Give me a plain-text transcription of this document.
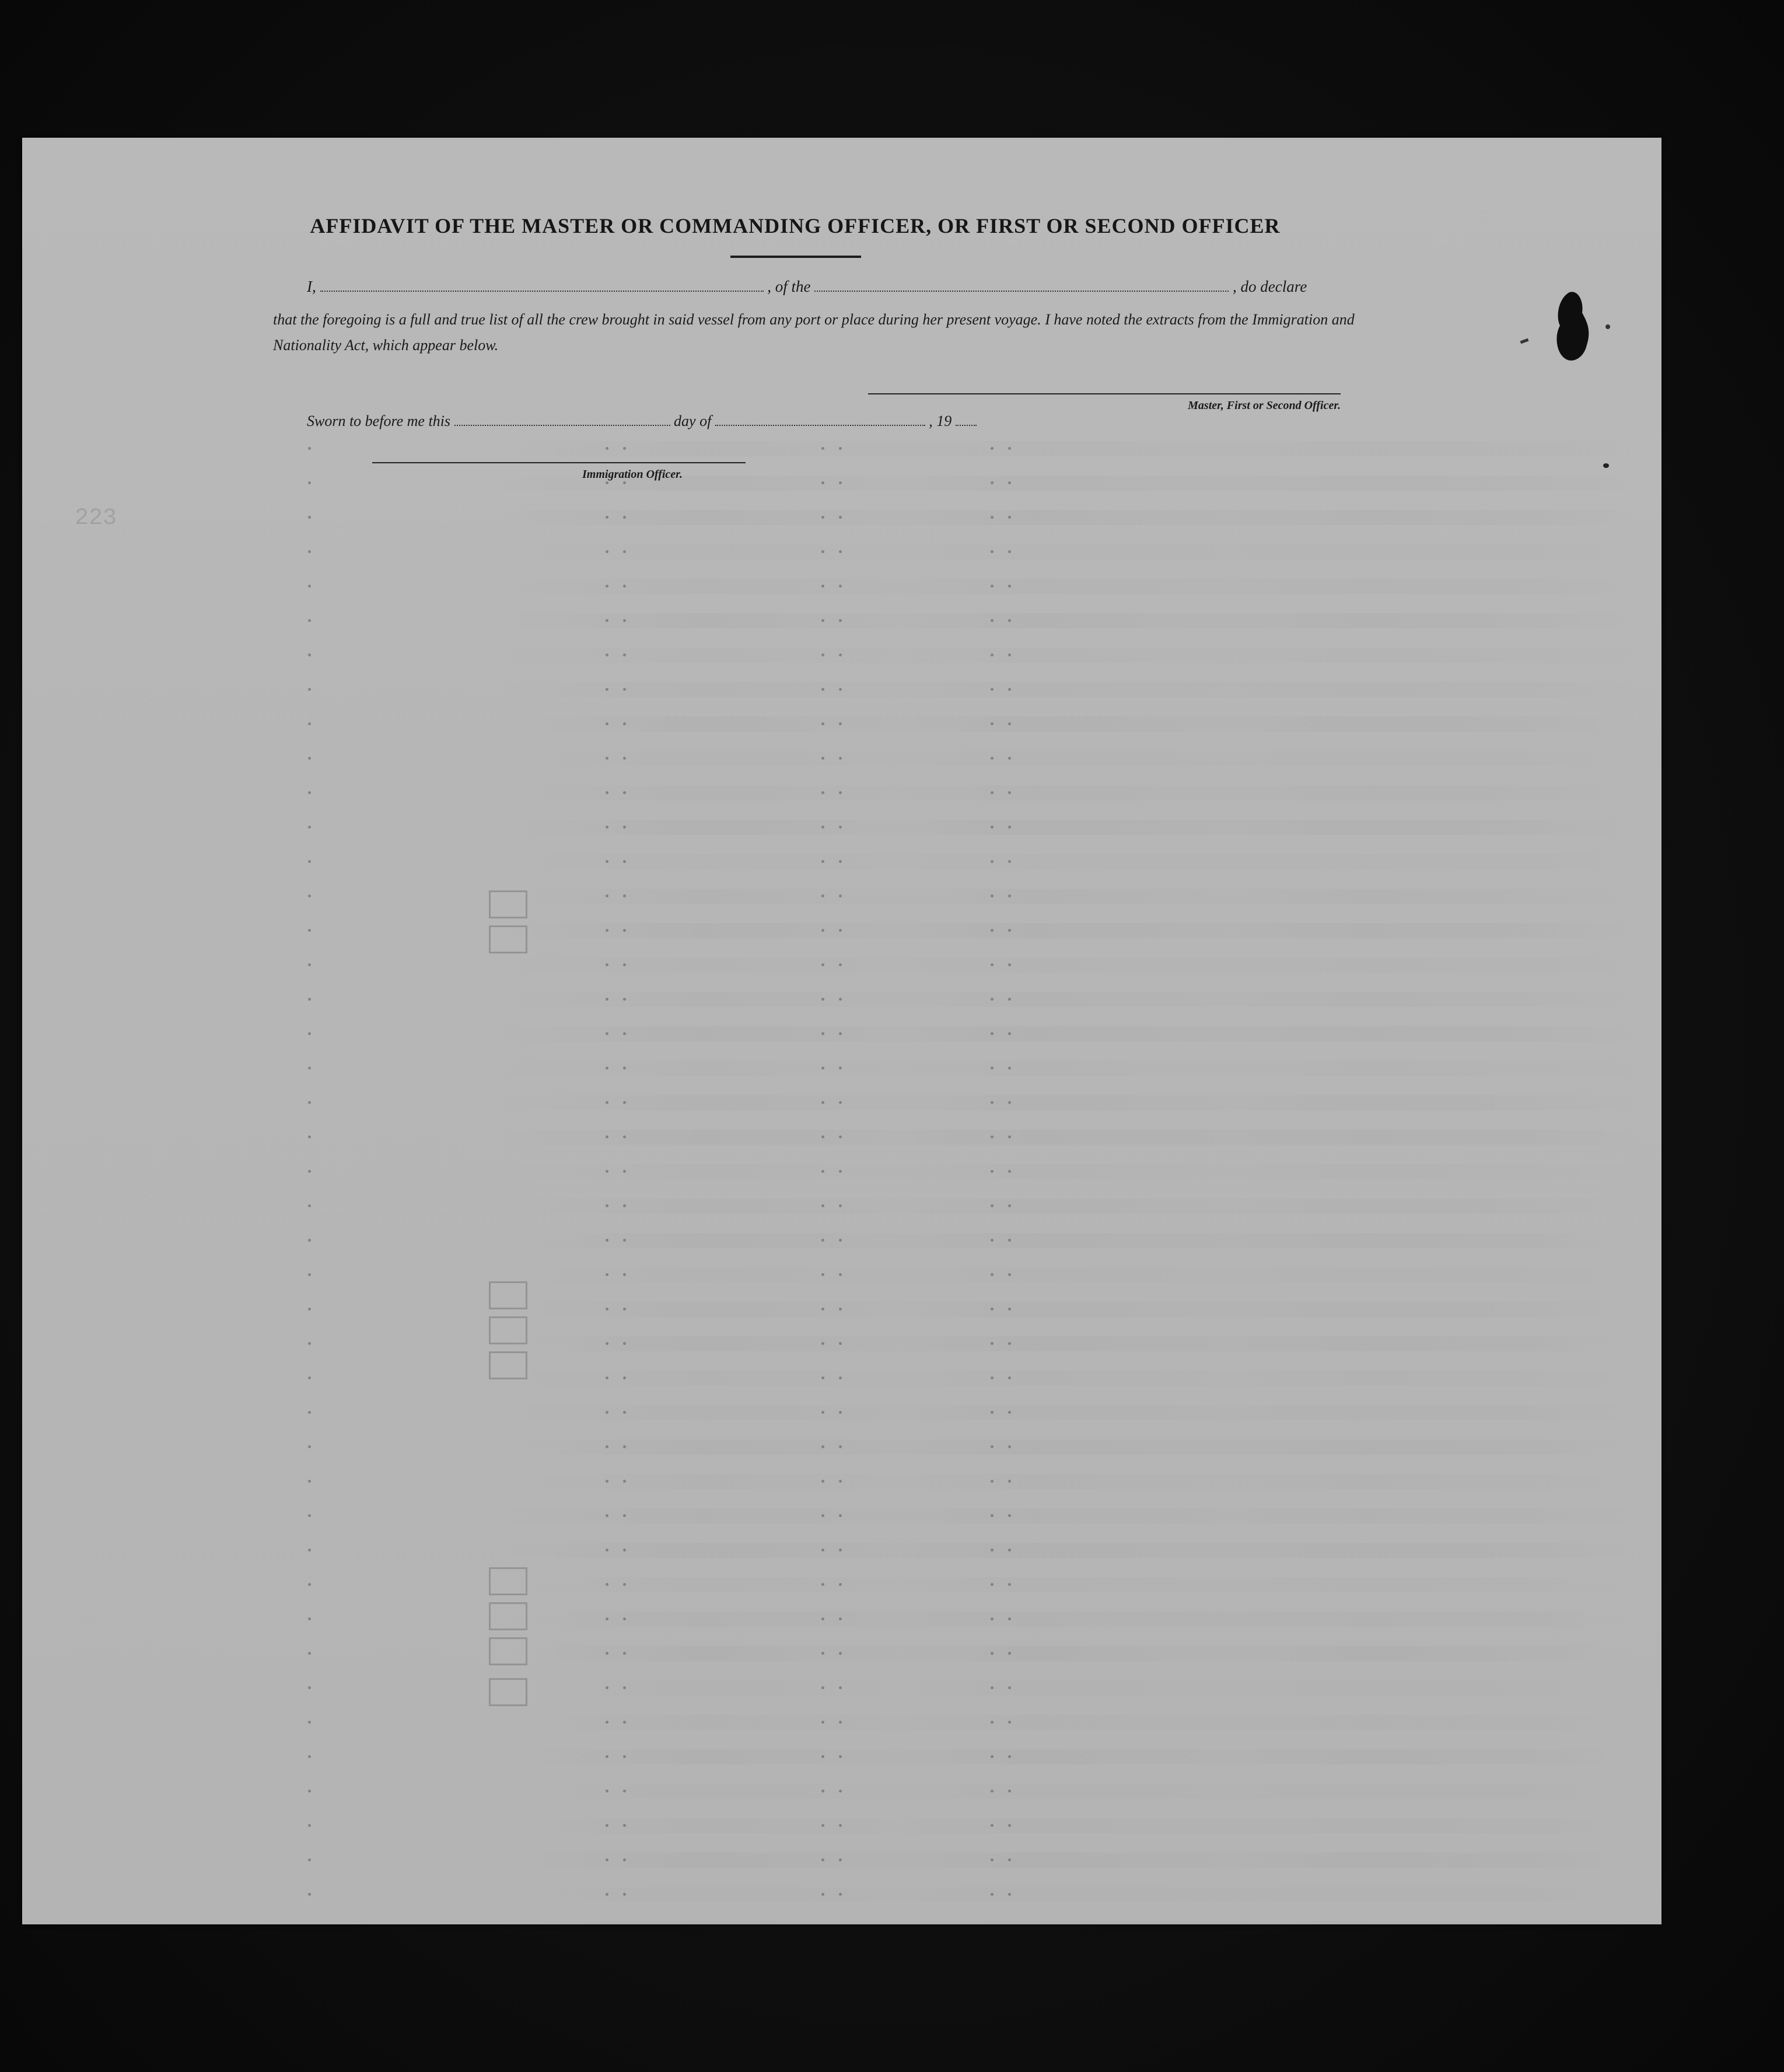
223
AFFIDAVIT OF THE MASTER OR COMMANDING OFFICER, OR FIRST OR SECOND OFFICER
I,	, of the	, do declare
that the foregoing is a full and true list of all the crew brought in said vessel from any port or place during her present voyage. I have noted the extracts from the Immigration and Nationality Act, which appear below.
Master, First or Second Officer.
Sworn to before me this	day of	, 19
Immigration Officer.
